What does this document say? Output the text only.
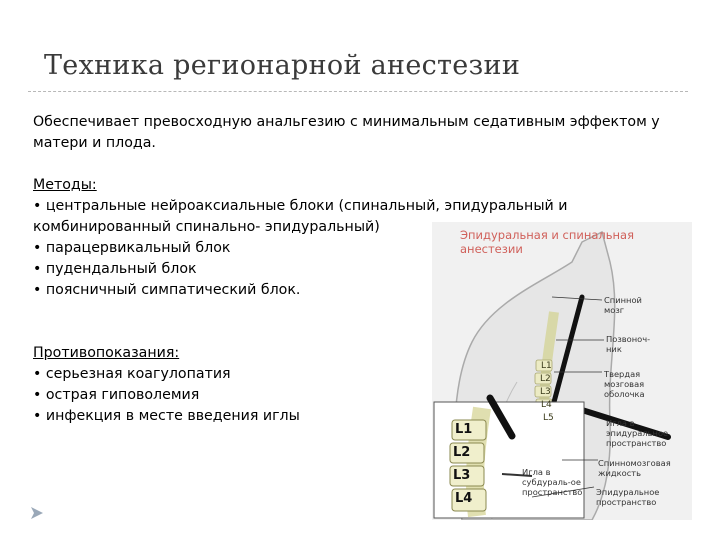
Техника регионарной анестезии

Обеспечивает превосходную анальгезию с минимальным седативным эффектом у

матери и плода.

Методы:

• центральные нейроаксиальные блоки (спинальный, эпидуральный и

комбинированный спинально- эпидуральный)

• парацервикальный блок

• пудендальный блок

• поясничный симпатический блок.

Противопоказания:

• серьезная коагулопатия

• острая гиповолемия

• инфекция в месте введения иглы

Эпидуральная и спинальная
анестезии
Спинной
мозг
Позвоноч-
ник
Твердая
мозговая
оболочка
Игла в
эпидуральное
пространство
Спинномозговая
жидкость
Игла в
субдураль-ое
пространство Эпидуральное
пространство
L1
L2
L3
L4
L5
L1
L2
L3
L4
